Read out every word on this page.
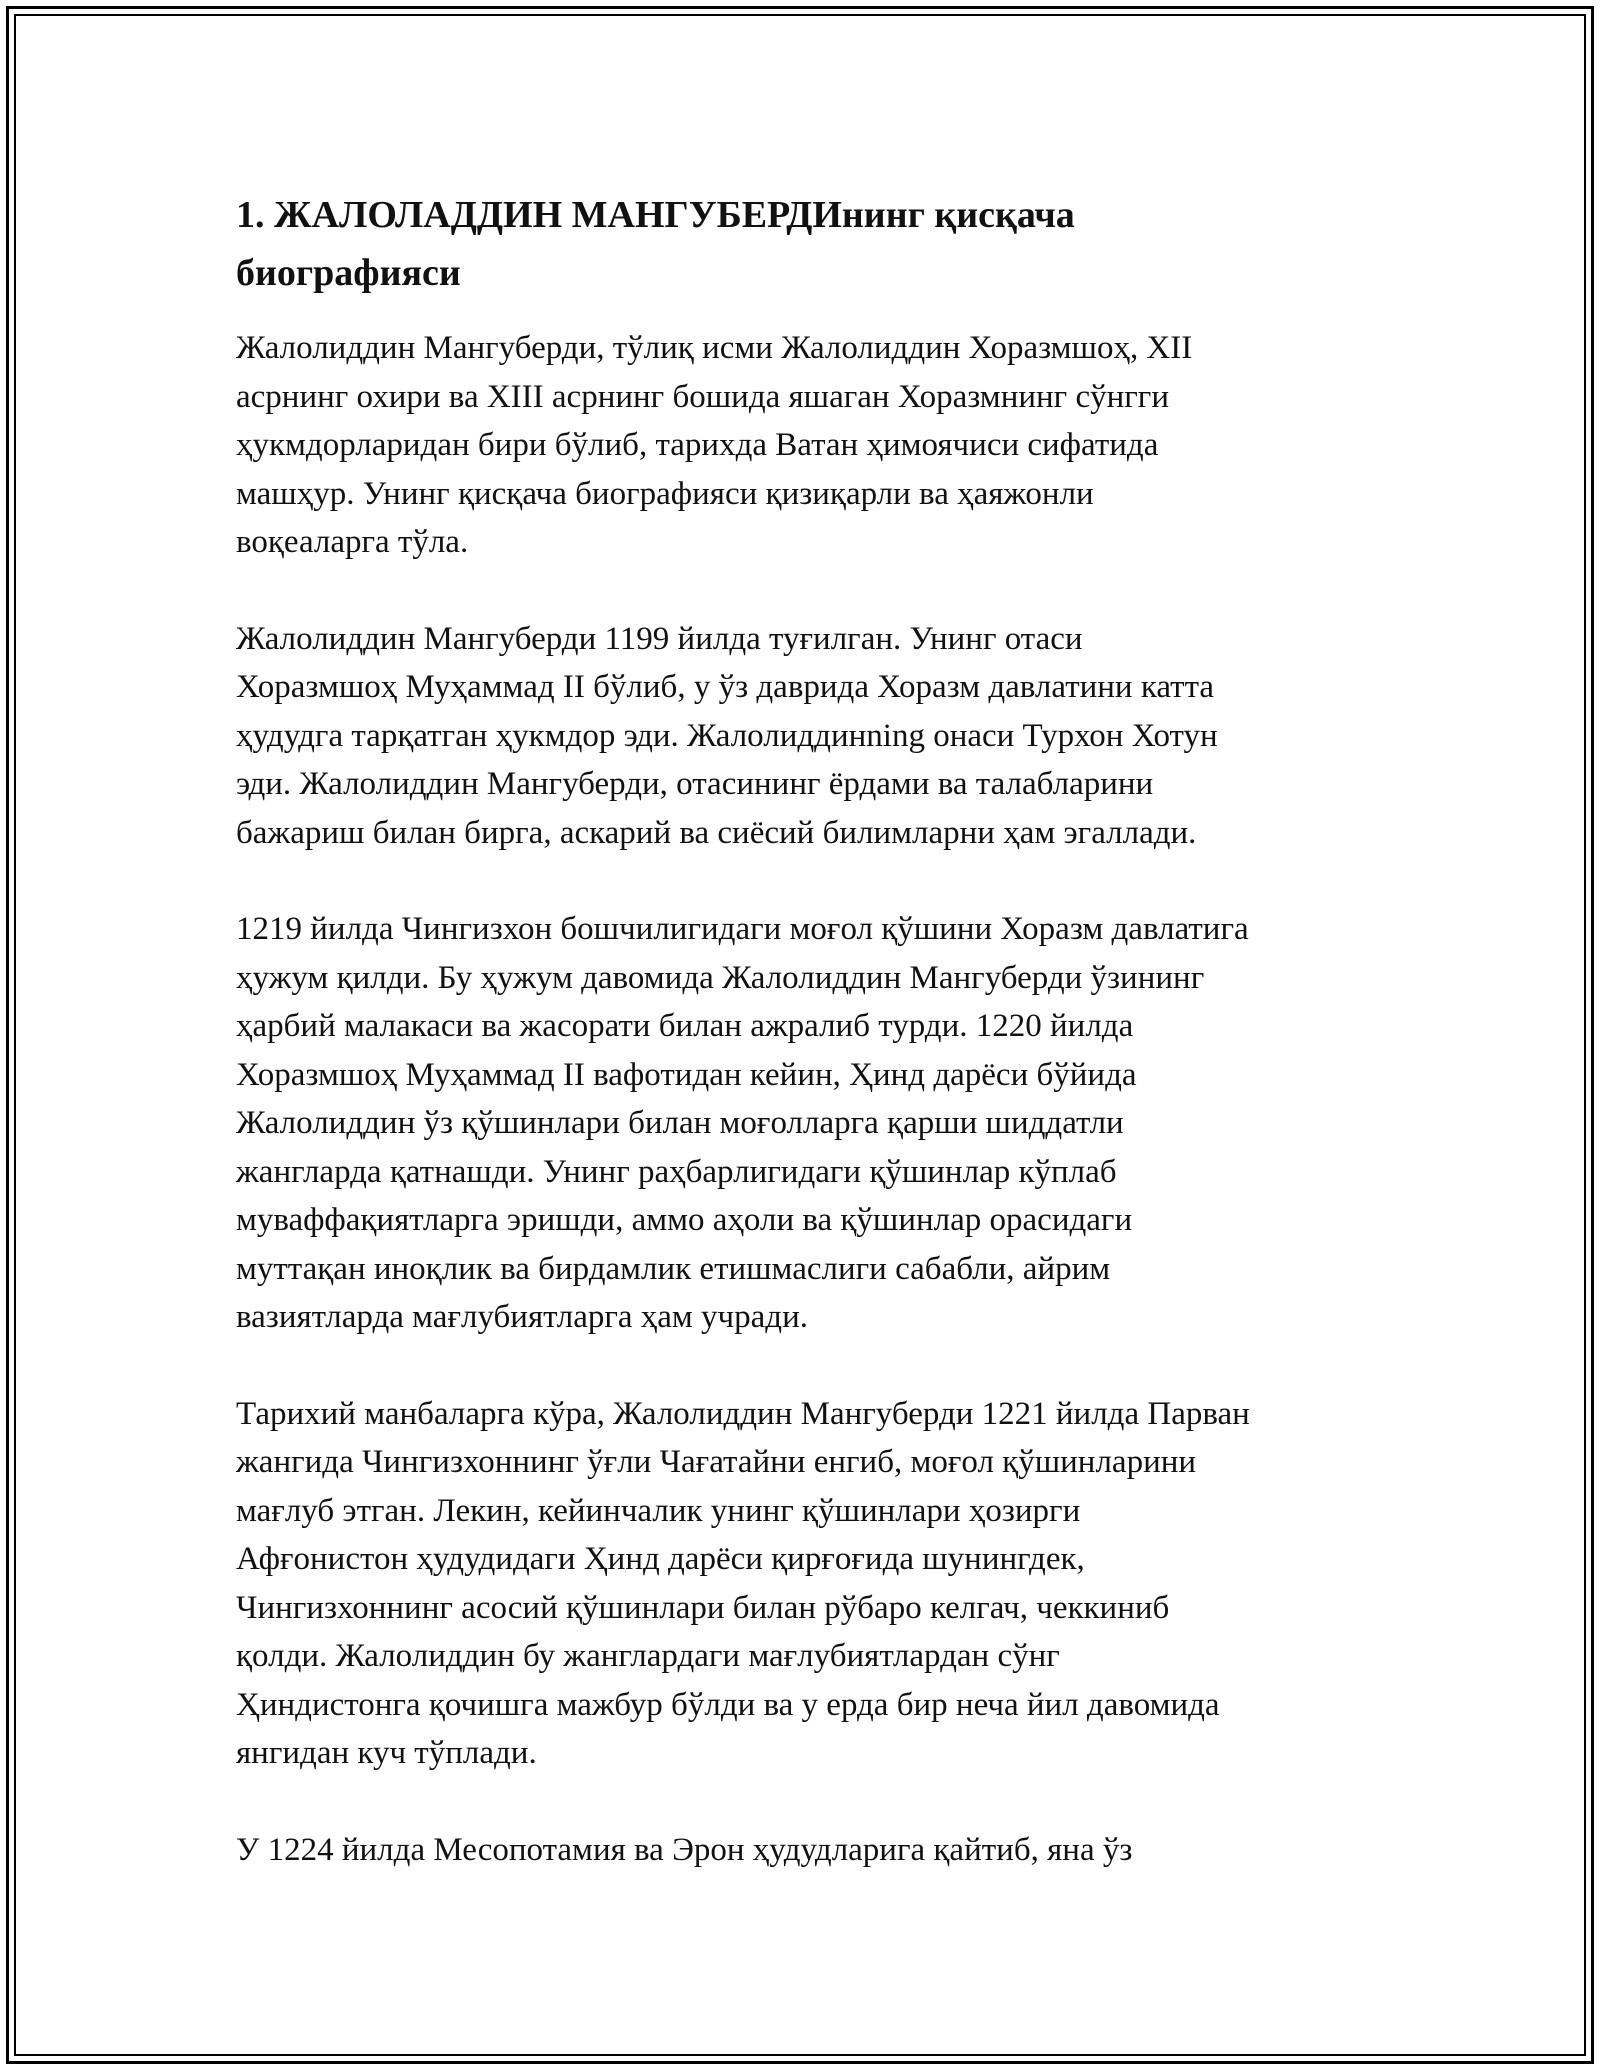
1. ЖАЛОЛАДДИН МАНГУБЕРДИнинг қисқача
биографияси

Жалолиддин Мангуберди, тўлиқ исми Жалолиддин Хоразмшоҳ, XII
асрнинг охири ва XIII асрнинг бошида яшаган Хоразмнинг сўнгги
ҳукмдорларидан бири бўлиб, тарихда Ватан ҳимоячиси сифатида
машҳур. Унинг қисқача биографияси қизиқарли ва ҳаяжонли
воқеаларга тўла.

Жалолиддин Мангуберди 1199 йилда туғилган. Унинг отаси
Хоразмшоҳ Муҳаммад II бўлиб, у ўз даврида Хоразм давлатини катта
ҳудудга тарқатган ҳукмдор эди. Жалолиддинning онаси Турхон Хотун
эди. Жалолиддин Мангуберди, отасининг ёрдами ва талабларини
бажариш билан бирга, аскарий ва сиёсий билимларни ҳам эгаллади.

1219 йилда Чингизхон бошчилигидаги моғол қўшини Хоразм давлатига
ҳужум қилди. Бу ҳужум давомида Жалолиддин Мангуберди ўзининг
ҳарбий малакаси ва жасорати билан ажралиб турди. 1220 йилда
Хоразмшоҳ Муҳаммад II вафотидан кейин, Ҳинд дарёси бўйида
Жалолиддин ўз қўшинлари билан моғолларга қарши шиддатли
жангларда қатнашди. Унинг раҳбарлигидаги қўшинлар кўплаб
муваффақиятларга эришди, аммо аҳоли ва қўшинлар орасидаги
муттақан иноқлик ва бирдамлик етишмаслиги сабабли, айрим
вазиятларда мағлубиятларга ҳам учради.

Тарихий манбаларга кўра, Жалолиддин Мангуберди 1221 йилда Парван
жангида Чингизхоннинг ўғли Чағатайни енгиб, моғол қўшинларини
мағлуб этган. Лекин, кейинчалик унинг қўшинлари ҳозирги
Афғонистон ҳудудидаги Ҳинд дарёси қирғоғида шунингдек,
Чингизхоннинг асосий қўшинлари билан рўбаро келгач, чеккиниб
қолди. Жалолиддин бу жанглардаги мағлубиятлардан сўнг
Ҳиндистонга қочишга мажбур бўлди ва у ерда бир неча йил давомида
янгидан куч тўплади.

У 1224 йилда Месопотамия ва Эрон ҳудудларига қайтиб, яна ўз
